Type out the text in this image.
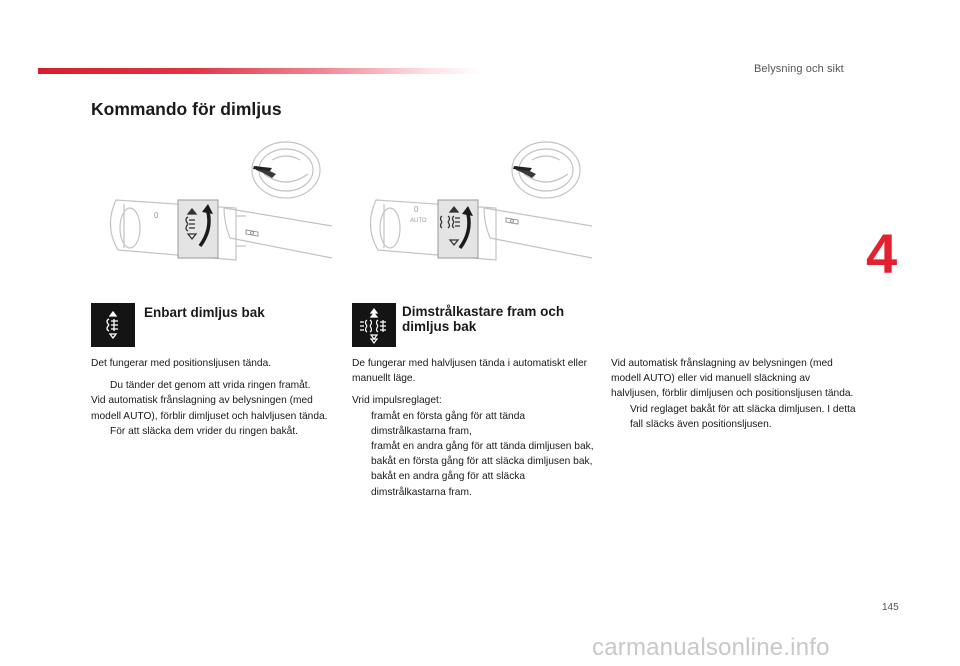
Belysning och sikt
4
Kommando för dimljus
0
0
AUTO
Enbart dimljus bak

Det fungerar med positionsljusen tända.

Du tänder det genom att vrida ringen framåt.

Vid automatisk frånslagning av belysningen (med modell AUTO), förblir dimljuset och halvljusen tända.

För att släcka dem vrider du ringen bakåt.
Dimstrålkastare fram och
dimljus bak

De fungerar med halvljusen tända i automatiskt eller manuellt läge.

Vrid impulsreglaget:

framåt en första gång för att tända dimstrålkastarna fram,
framåt en andra gång för att tända dimljusen bak,
bakåt en första gång för att släcka dimljusen bak,
bakåt en andra gång för att släcka dimstrålkastarna fram.

Vid automatisk frånslagning av belysningen (med modell AUTO) eller vid manuell släckning av halvljusen, förblir dimljusen och positionsljusen tända.

Vrid reglaget bakåt för att släcka dimljusen. I detta fall släcks även positionsljusen.
145
carmanualsonline.info
